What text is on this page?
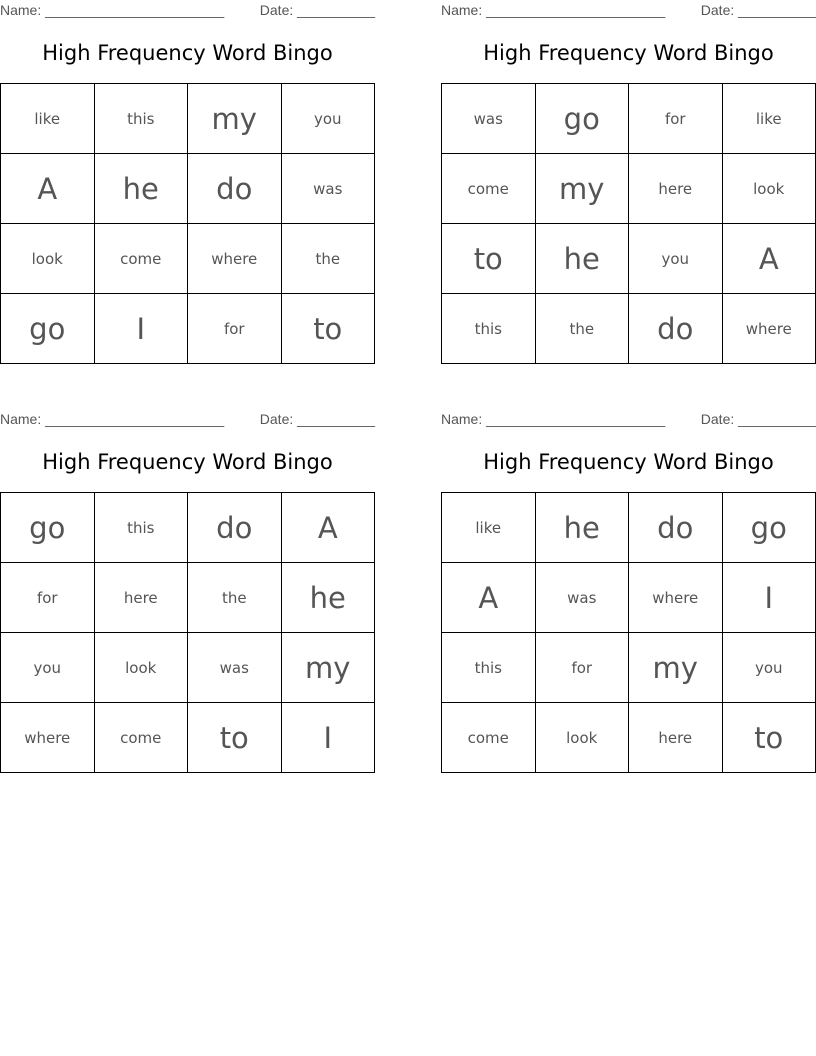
Name: _______________________	Date: __________
High Frequency Word Bingo
like	this	my	you
A	he	do	was
look	come	where	the
go	I	for	to
Name: _______________________	Date: __________
High Frequency Word Bingo
was	go	for	like
come	my	here	look
to	he	you	A
this	the	do	where
Name: _______________________	Date: __________
High Frequency Word Bingo
go	this	do	A
for	here	the	he
you	look	was	my
where	come	to	I
Name: _______________________	Date: __________
High Frequency Word Bingo
like	he	do	go
A	was	where	I
this	for	my	you
come	look	here	to
